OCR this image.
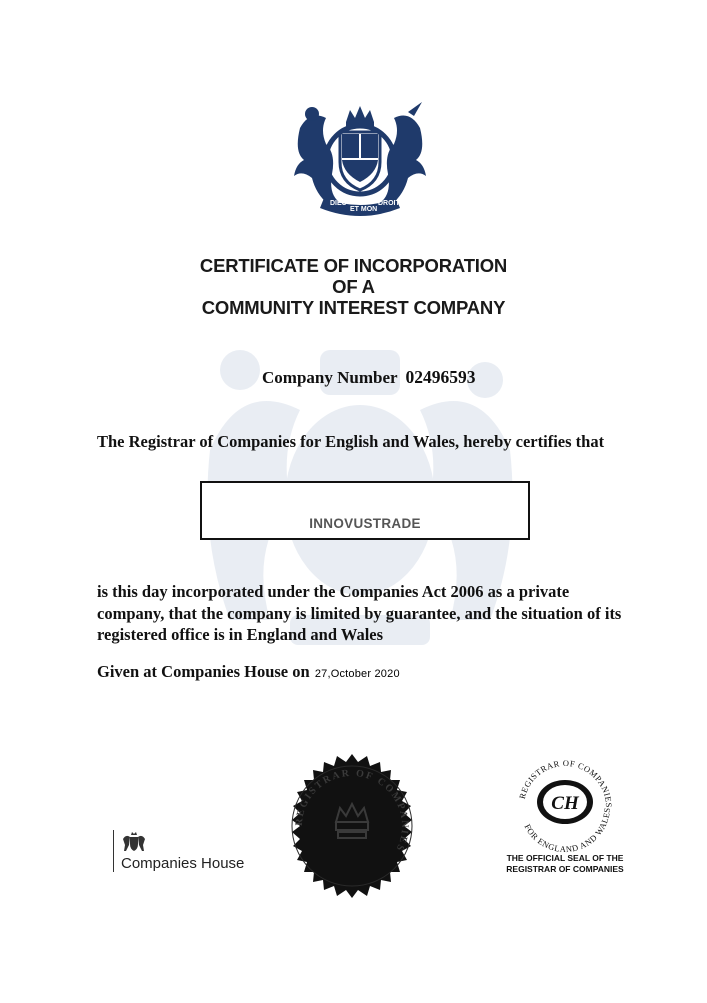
DIEU
ET MON
DROIT
CERTIFICATE OF INCORPORATION
OF A
COMMUNITY INTEREST COMPANY
Company Number 02496593
The Registrar of Companies for English and Wales, hereby certifies that
INNOVUSTRADE
is this day incorporated under the Companies Act 2006 as a private company, that the company is limited by guarantee, and the situation of its registered office is in England and Wales
Given at Companies House on 27,October 2020
Companies House
REGISTRAR OF COMPANIES
REGISTRAR OF COMPANIES
FOR ENGLAND AND WALES
CH
THE OFFICIAL SEAL OF THE
REGISTRAR OF COMPANIES
